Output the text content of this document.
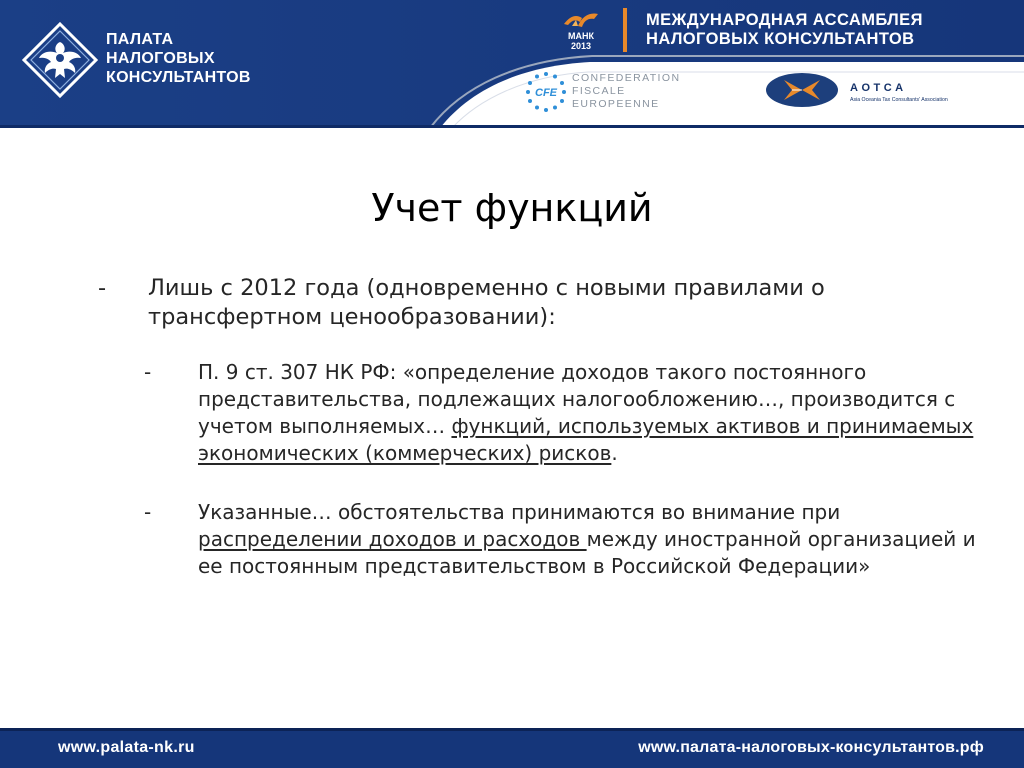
ПАЛАТА
НАЛОГОВЫХ
КОНСУЛЬТАНТОВ
МАНК
2013
МЕЖДУНАРОДНАЯ АССАМБЛЕЯ
НАЛОГОВЫХ КОНСУЛЬТАНТОВ
CFE
CONFEDERATION
FISCALE
EUROPEENNE
AOTCA
Asia Oceania Tax Consultants' Association
Учет функций
- Лишь с 2012 года (одновременно с новыми правилами о трансфертном ценообразовании):
- П. 9 ст. 307 НК РФ: «определение доходов такого постоянного представительства, подлежащих налогообложению…, производится с учетом выполняемых… функций, используемых активов и принимаемых экономических (коммерческих) рисков.
- Указанные… обстоятельства принимаются во внимание при распределении доходов и расходов между иностранной организацией и ее постоянным представительством в Российской Федерации»
www.palata-nk.ru	www.палата-налоговых-консультантов.рф
